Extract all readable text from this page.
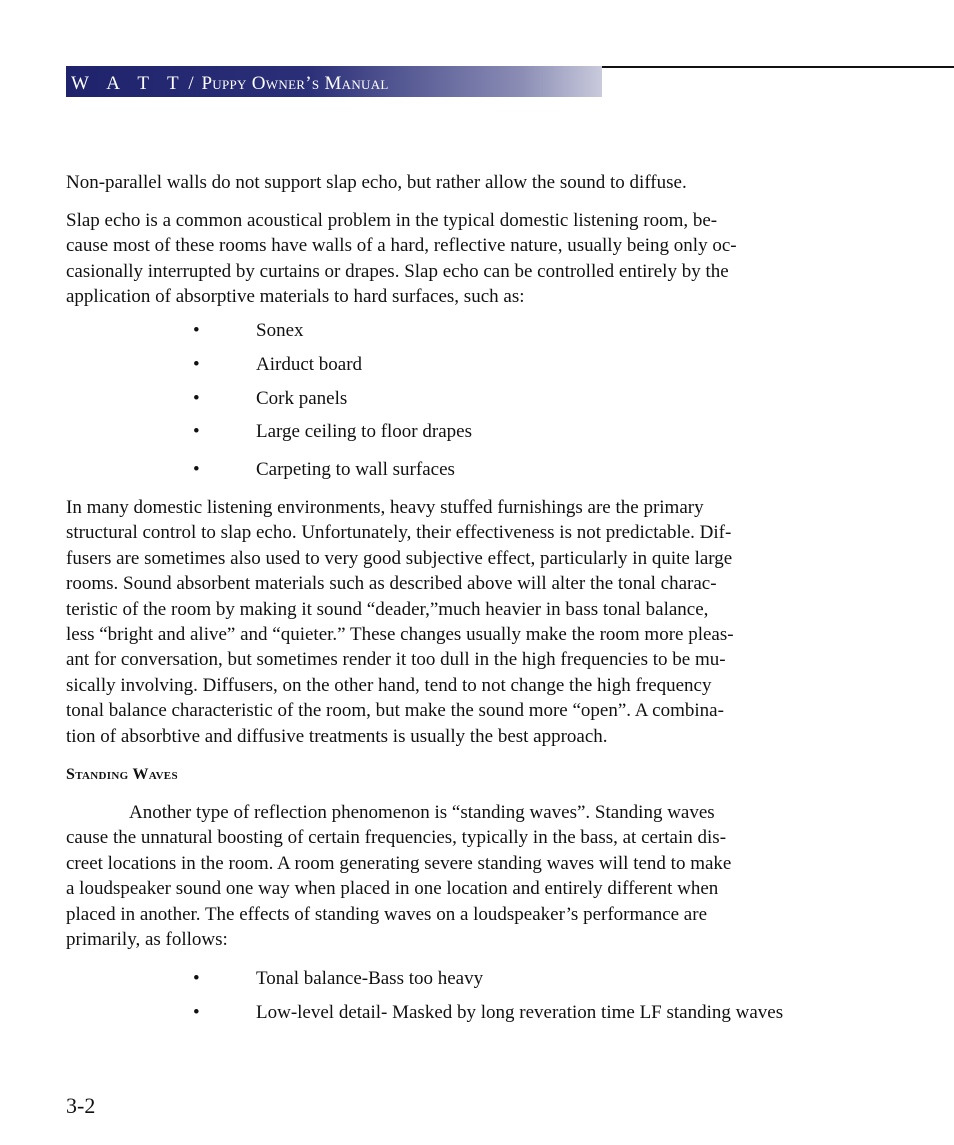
W A T T / Puppy Owner’s Manual
Non-parallel walls do not support slap echo, but rather allow the sound to diffuse.
Slap echo is a common acoustical problem in the typical domestic listening room, be-
cause most of these rooms have walls of a hard, reflective nature, usually being only oc-
casionally interrupted by curtains or drapes. Slap echo can be controlled entirely by the
application of absorptive materials to hard surfaces, such as:
•	Sonex
•	Airduct board
•	Cork panels
•	Large ceiling to floor drapes
•	Carpeting to wall surfaces
In many domestic listening environments, heavy stuffed furnishings are the primary
structural control to slap echo. Unfortunately, their effectiveness is not predictable. Dif-
fusers are sometimes also used to very good subjective effect, particularly in quite large
rooms. Sound absorbent materials such as described above will alter the tonal charac-
teristic of the room by making it sound “deader,”much heavier in bass tonal balance,
less “bright and alive” and “quieter.” These changes usually make the room more pleas-
ant for conversation, but sometimes render it too dull in the high frequencies to be mu-
sically involving. Diffusers, on the other hand, tend to not change the high frequency
tonal balance characteristic of the room, but make the sound more “open”. A combina-
tion of absorbtive and diffusive treatments is usually the best approach.
Standing Waves
Another type of reflection phenomenon is “standing waves”. Standing waves
cause the unnatural boosting of certain frequencies, typically in the bass, at certain dis-
creet locations in the room. A room generating severe standing waves will tend to make
a loudspeaker sound one way when placed in one location and entirely different when
placed in another. The effects of standing waves on a loudspeaker’s performance are
primarily, as follows:
•	Tonal balance-Bass too heavy
•	Low-level detail- Masked by long reveration time LF standing waves
3-2
